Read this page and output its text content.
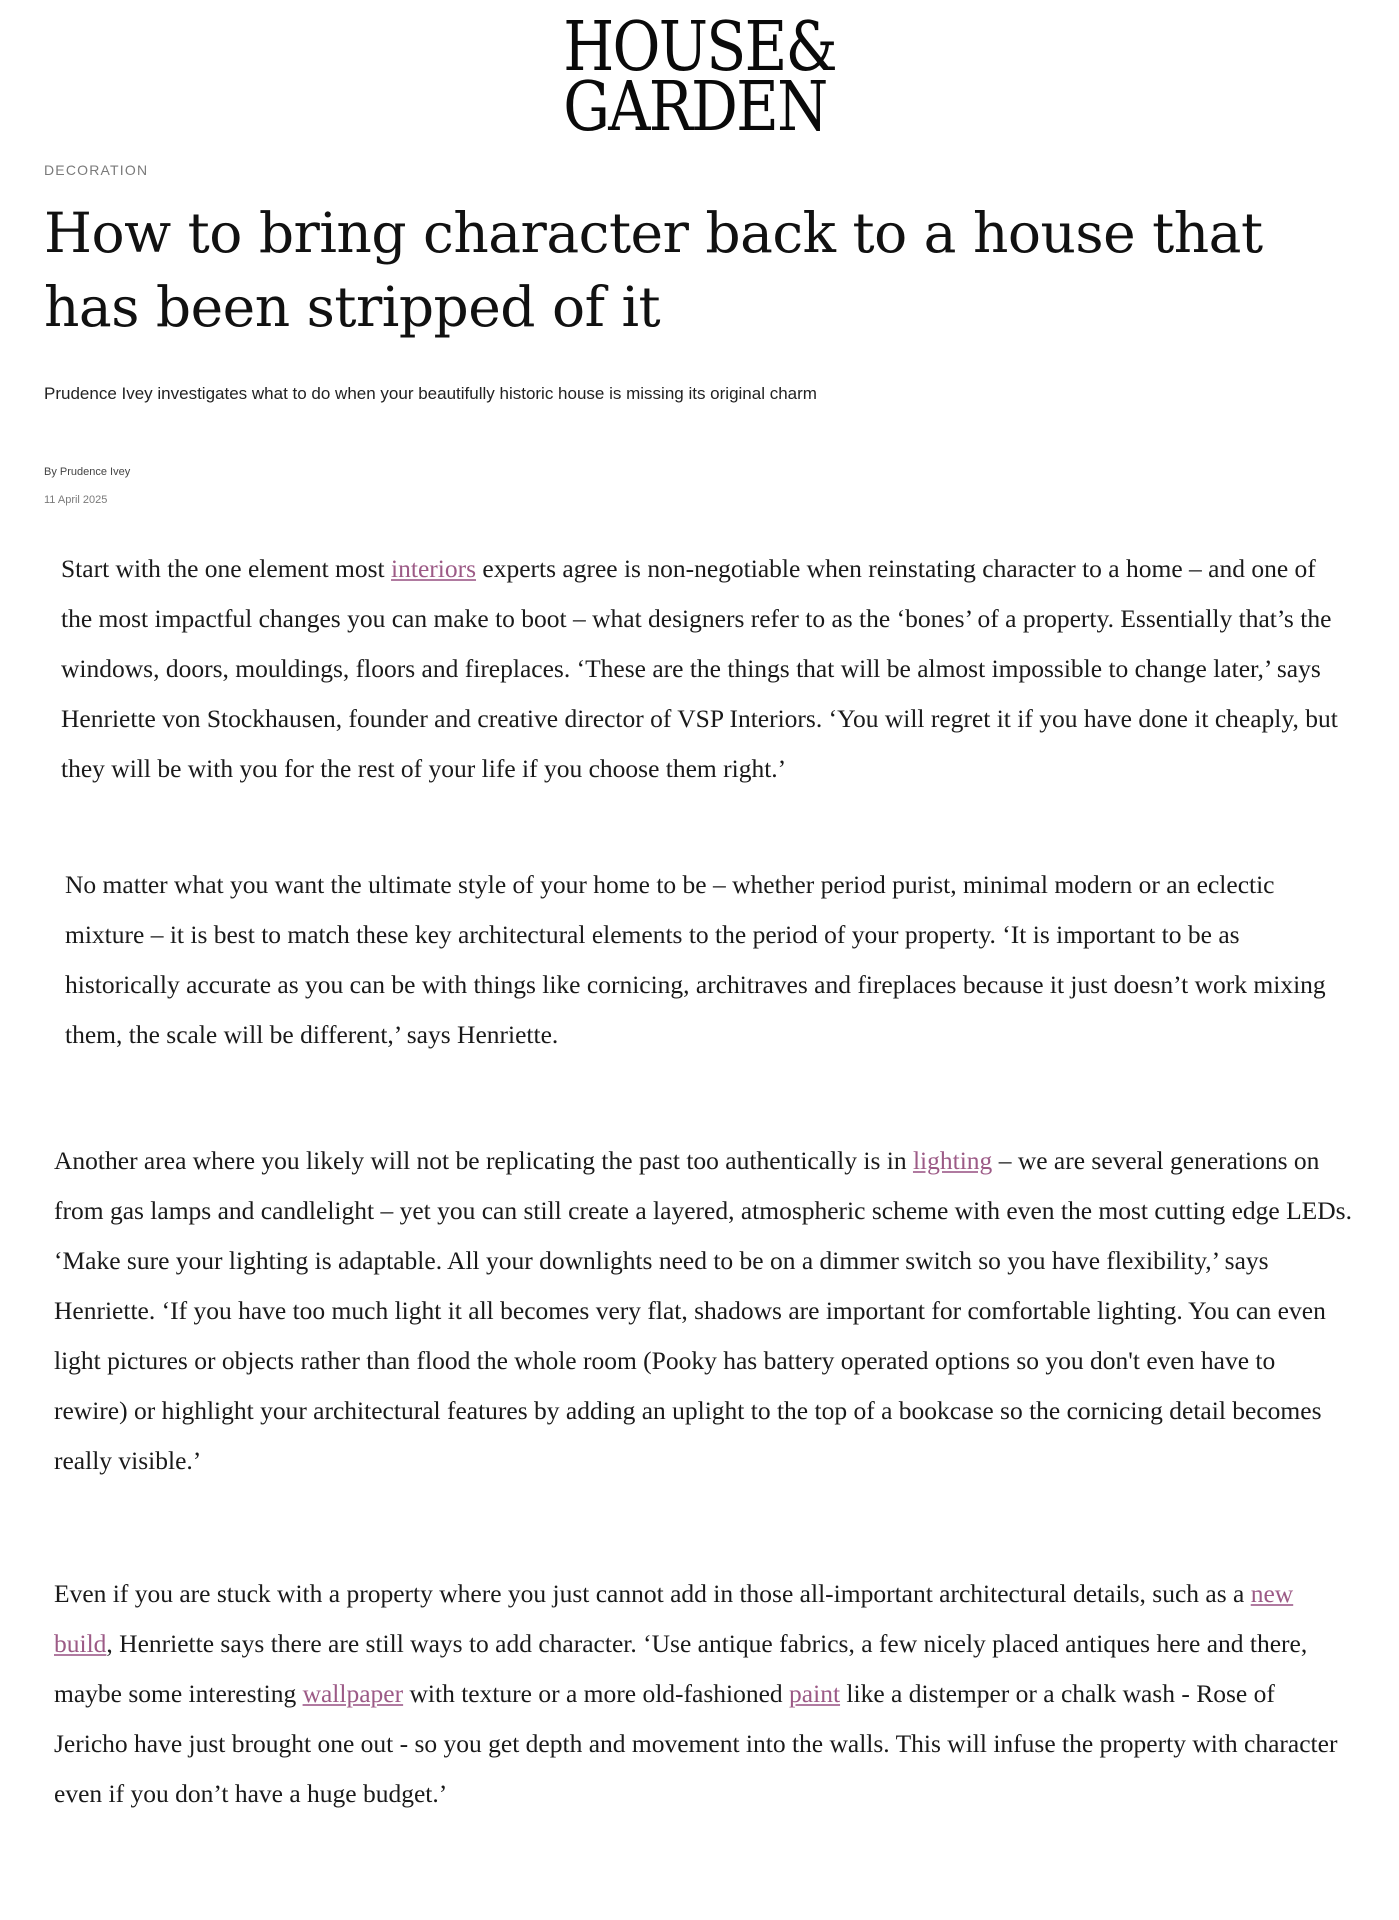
HOUSE&
GARDEN
DECORATION
How to bring character back to a house that has been stripped of it
Prudence Ivey investigates what to do when your beautifully historic house is missing its original charm
By Prudence Ivey
11 April 2025

Start with the one element most interiors experts agree is non-negotiable when reinstating character to a home – and one of the most impactful changes you can make to boot – what designers refer to as the ‘bones’ of a property. Essentially that’s the windows, doors, mouldings, floors and fireplaces. ‘These are the things that will be almost impossible to change later,’ says Henriette von Stockhausen, founder and creative director of VSP Interiors. ‘You will regret it if you have done it cheaply, but they will be with you for the rest of your life if you choose them right.’

No matter what you want the ultimate style of your home to be – whether period purist, minimal modern or an eclectic mixture – it is best to match these key architectural elements to the period of your property. ‘It is important to be as historically accurate as you can be with things like cornicing, architraves and fireplaces because it just doesn’t work mixing them, the scale will be different,’ says Henriette.

Another area where you likely will not be replicating the past too authentically is in lighting – we are several generations on from gas lamps and candlelight – yet you can still create a layered, atmospheric scheme with even the most cutting edge LEDs. ‘Make sure your lighting is adaptable. All your downlights need to be on a dimmer switch so you have flexibility,’ says Henriette. ‘If you have too much light it all becomes very flat, shadows are important for comfortable lighting. You can even light pictures or objects rather than flood the whole room (Pooky has battery operated options so you don't even have to rewire) or highlight your architectural features by adding an uplight to the top of a bookcase so the cornicing detail becomes really visible.’

Even if you are stuck with a property where you just cannot add in those all-important architectural details, such as a new build, Henriette says there are still ways to add character. ‘Use antique fabrics, a few nicely placed antiques here and there, maybe some interesting wallpaper with texture or a more old-fashioned paint like a distemper or a chalk wash - Rose of Jericho have just brought one out - so you get depth and movement into the walls. This will infuse the property with character even if you don’t have a huge budget.’
